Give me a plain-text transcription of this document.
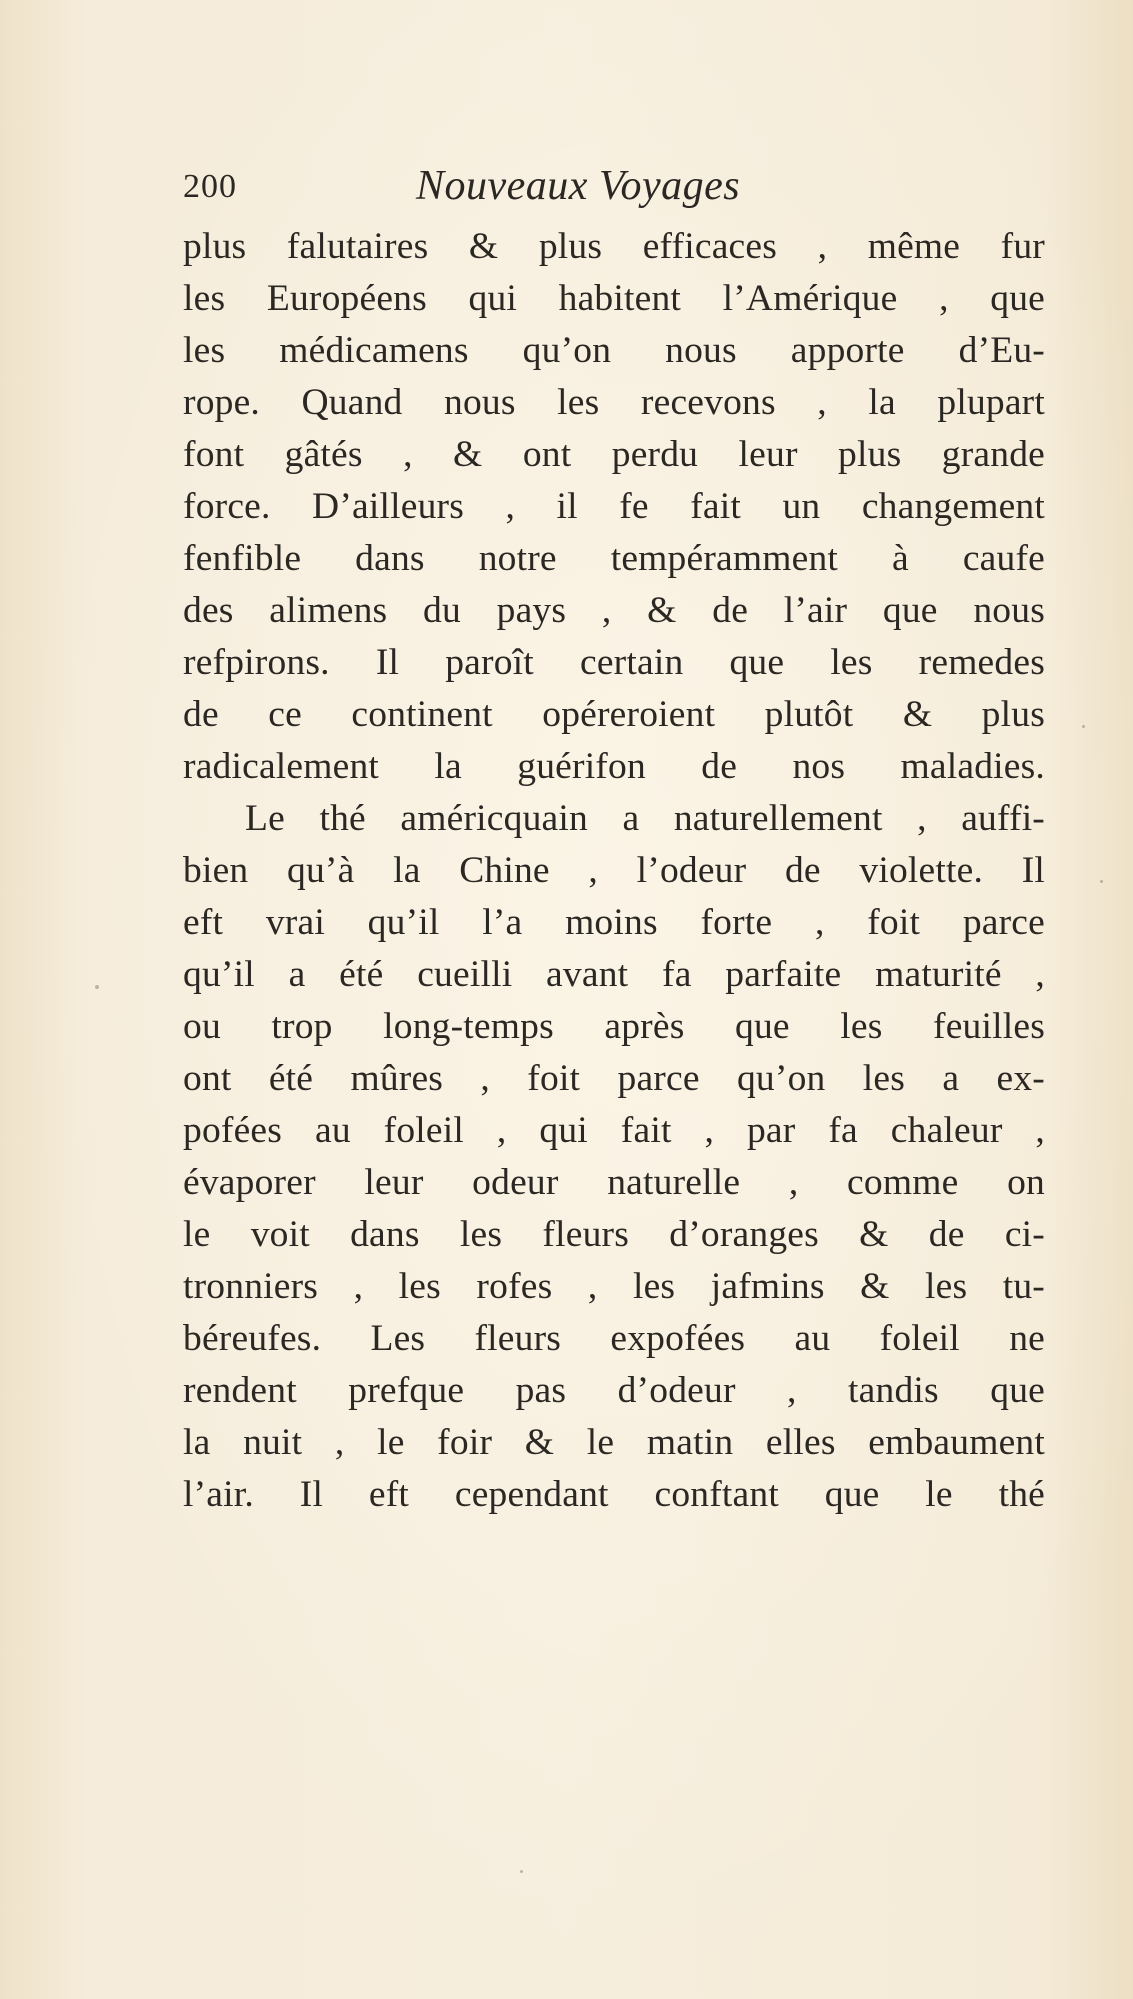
200	Nouveaux Voyages
plus falutaires & plus efficaces , même fur
les Européens qui habitent l’Amérique , que
les médicamens qu’on nous apporte d’Eu-
rope. Quand nous les recevons , la plupart
font gâtés , & ont perdu leur plus grande
force. D’ailleurs , il fe fait un changement
fenfible dans notre tempéramment à caufe
des alimens du pays , & de l’air que nous
refpirons. Il paroît certain que les remedes
de ce continent opéreroient plutôt & plus
radicalement la guérifon de nos maladies.
Le thé américquain a naturellement , auffi-
bien qu’à la Chine , l’odeur de violette. Il
eft vrai qu’il l’a moins forte , foit parce
qu’il a été cueilli avant fa parfaite maturité ,
ou trop long-temps après que les feuilles
ont été mûres , foit parce qu’on les a ex-
pofées au foleil , qui fait , par fa chaleur ,
évaporer leur odeur naturelle , comme on
le voit dans les fleurs d’oranges & de ci-
tronniers , les rofes , les jafmins & les tu-
béreufes. Les fleurs expofées au foleil ne
rendent prefque pas d’odeur , tandis que
la nuit , le foir & le matin elles embaument
l’air. Il eft cependant conftant que le thé
